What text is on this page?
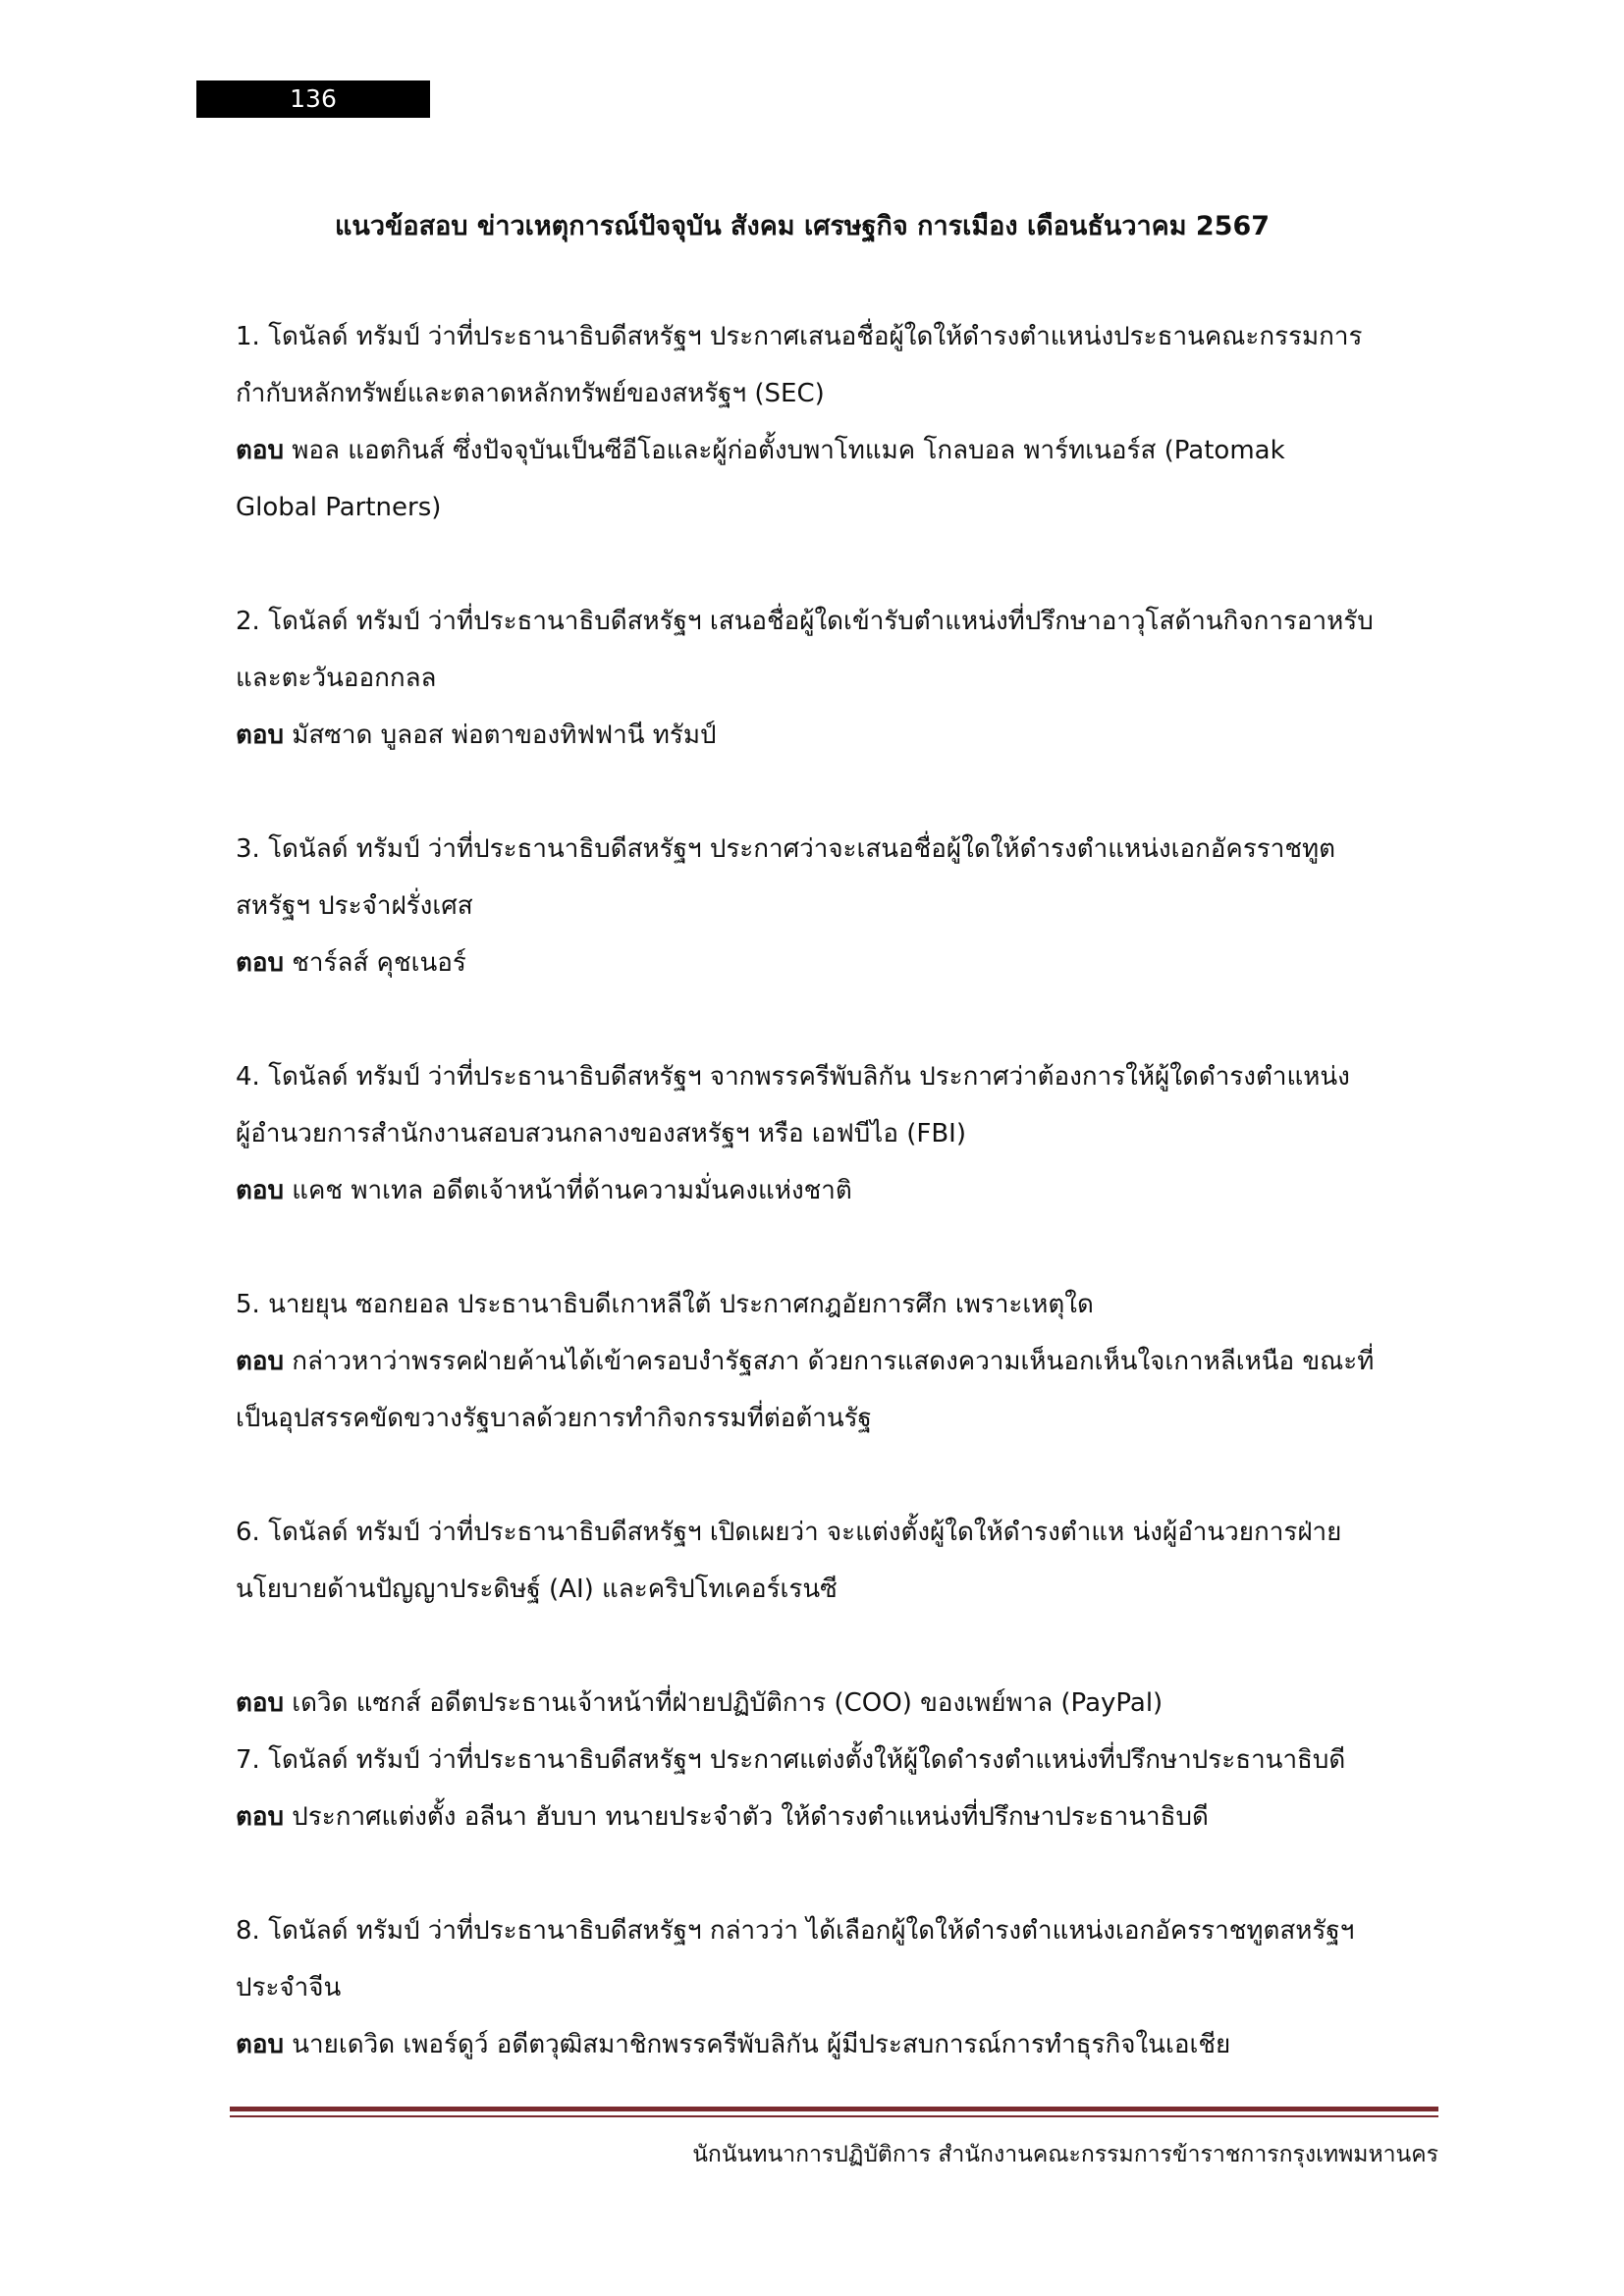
136
แนวข้อสอบ ข่าวเหตุการณ์ปัจจุบัน สังคม เศรษฐกิจ การเมือง เดือนธันวาคม 2567
1. โดนัลด์ ทรัมป์ ว่าที่ประธานาธิบดีสหรัฐฯ ประกาศเสนอชื่อผู้ใดให้ดำรงตำแหน่งประธานคณะกรรมการ
กำกับหลักทรัพย์และตลาดหลักทรัพย์ของสหรัฐฯ (SEC)
ตอบ พอล แอตกินส์ ซึ่งปัจจุบันเป็นซีอีโอและผู้ก่อตั้งบพาโทแมค โกลบอล พาร์ทเนอร์ส (Patomak
Global Partners)
2. โดนัลด์ ทรัมป์ ว่าที่ประธานาธิบดีสหรัฐฯ เสนอชื่อผู้ใดเข้ารับตำแหน่งที่ปรึกษาอาวุโสด้านกิจการอาหรับ
และตะวันออกกลล
ตอบ มัสซาด บูลอส พ่อตาของทิฟฟานี ทรัมป์
3. โดนัลด์ ทรัมป์ ว่าที่ประธานาธิบดีสหรัฐฯ ประกาศว่าจะเสนอชื่อผู้ใดให้ดำรงตำแหน่งเอกอัครราชทูต
สหรัฐฯ ประจำฝรั่งเศส
ตอบ ชาร์ลส์ คุชเนอร์
4. โดนัลด์ ทรัมป์ ว่าที่ประธานาธิบดีสหรัฐฯ จากพรรครีพับลิกัน ประกาศว่าต้องการให้ผู้ใดดำรงตำแหน่ง
ผู้อำนวยการสำนักงานสอบสวนกลางของสหรัฐฯ หรือ เอฟบีไอ (FBI)
ตอบ แคช พาเทล อดีตเจ้าหน้าที่ด้านความมั่นคงแห่งชาติ
5. นายยุน ซอกยอล ประธานาธิบดีเกาหลีใต้ ประกาศกฎอัยการศึก เพราะเหตุใด
ตอบ กล่าวหาว่าพรรคฝ่ายค้านได้เข้าครอบงำรัฐสภา ด้วยการแสดงความเห็นอกเห็นใจเกาหลีเหนือ ขณะที่
เป็นอุปสรรคขัดขวางรัฐบาลด้วยการทำกิจกรรมที่ต่อต้านรัฐ
6. โดนัลด์ ทรัมป์ ว่าที่ประธานาธิบดีสหรัฐฯ เปิดเผยว่า จะแต่งตั้งผู้ใดให้ดำรงตำแห น่งผู้อำนวยการฝ่าย
นโยบายด้านปัญญาประดิษฐ์ (AI) และคริปโทเคอร์เรนซี
ตอบ เดวิด แซกส์ อดีตประธานเจ้าหน้าที่ฝ่ายปฏิบัติการ (COO) ของเพย์พาล (PayPal)
7. โดนัลด์ ทรัมป์ ว่าที่ประธานาธิบดีสหรัฐฯ ประกาศแต่งตั้งให้ผู้ใดดำรงตำแหน่งที่ปรึกษาประธานาธิบดี
ตอบ ประกาศแต่งตั้ง อลีนา ฮับบา ทนายประจำตัว ให้ดำรงตำแหน่งที่ปรึกษาประธานาธิบดี
8. โดนัลด์ ทรัมป์ ว่าที่ประธานาธิบดีสหรัฐฯ กล่าวว่า ได้เลือกผู้ใดให้ดำรงตำแหน่งเอกอัครราชทูตสหรัฐฯ
ประจำจีน
ตอบ นายเดวิด เพอร์ดูว์ อดีตวุฒิสมาชิกพรรครีพับลิกัน ผู้มีประสบการณ์การทำธุรกิจในเอเชีย
นักนันทนาการปฏิบัติการ สำนักงานคณะกรรมการข้าราชการกรุงเทพมหานคร
